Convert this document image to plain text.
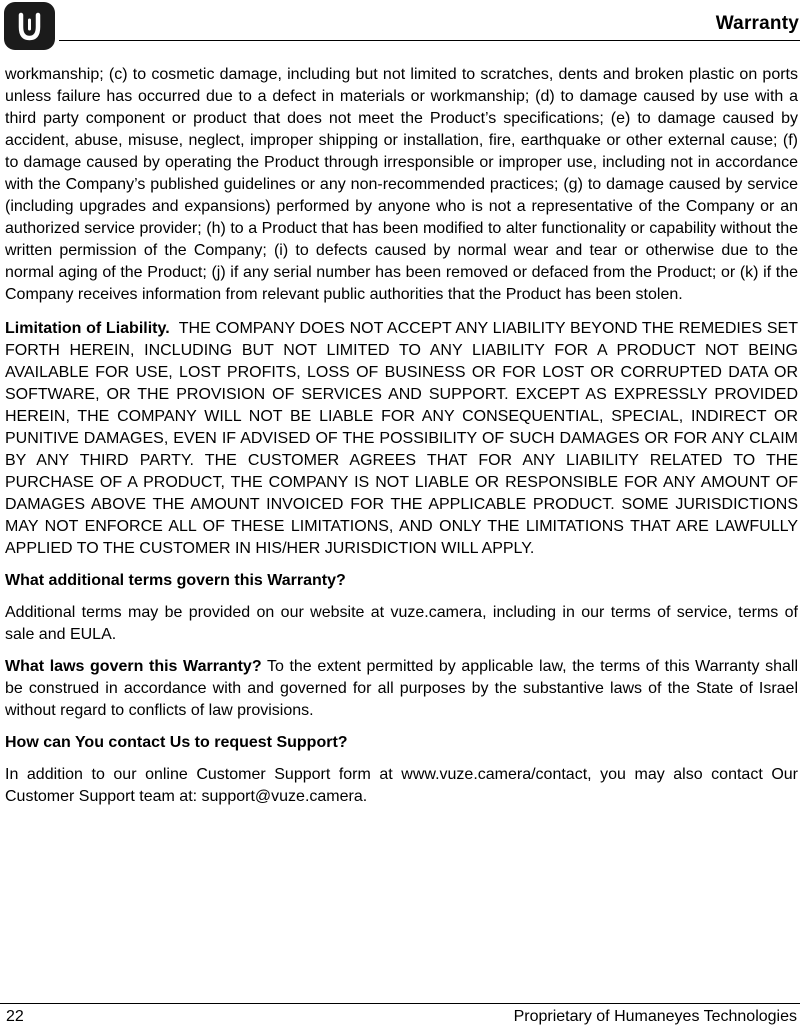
Warranty

workmanship; (c) to cosmetic damage, including but not limited to scratches, dents and broken plastic on ports unless failure has occurred due to a defect in materials or workmanship; (d) to damage caused by use with a third party component or product that does not meet the Product’s specifications; (e) to damage caused by accident, abuse, misuse, neglect, improper shipping or installation, fire, earthquake or other external cause; (f) to damage caused by operating the Product through irresponsible or improper use, including not in accordance with the Company’s published guidelines or any non-recommended practices; (g) to damage caused by service (including upgrades and expansions) performed by anyone who is not a representative of the Company or an authorized service provider; (h) to a Product that has been modified to alter functionality or capability without the written permission of the Company; (i) to defects caused by normal wear and tear or otherwise due to the normal aging of the Product; (j) if any serial number has been removed or defaced from the Product; or (k) if the Company receives information from relevant public authorities that the Product has been stolen.

Limitation of Liability. THE COMPANY DOES NOT ACCEPT ANY LIABILITY BEYOND THE REMEDIES SET FORTH HEREIN, INCLUDING BUT NOT LIMITED TO ANY LIABILITY FOR A PRODUCT NOT BEING AVAILABLE FOR USE, LOST PROFITS, LOSS OF BUSINESS OR FOR LOST OR CORRUPTED DATA OR SOFTWARE, OR THE PROVISION OF SERVICES AND SUPPORT. EXCEPT AS EXPRESSLY PROVIDED HEREIN, THE COMPANY WILL NOT BE LIABLE FOR ANY CONSEQUENTIAL, SPECIAL, INDIRECT OR PUNITIVE DAMAGES, EVEN IF ADVISED OF THE POSSIBILITY OF SUCH DAMAGES OR FOR ANY CLAIM BY ANY THIRD PARTY. THE CUSTOMER AGREES THAT FOR ANY LIABILITY RELATED TO THE PURCHASE OF A PRODUCT, THE COMPANY IS NOT LIABLE OR RESPONSIBLE FOR ANY AMOUNT OF DAMAGES ABOVE THE AMOUNT INVOICED FOR THE APPLICABLE PRODUCT. SOME JURISDICTIONS MAY NOT ENFORCE ALL OF THESE LIMITATIONS, AND ONLY THE LIMITATIONS THAT ARE LAWFULLY APPLIED TO THE CUSTOMER IN HIS/HER JURISDICTION WILL APPLY.

What additional terms govern this Warranty?

Additional terms may be provided on our website at vuze.camera, including in our terms of service, terms of sale and EULA.

What laws govern this Warranty? To the extent permitted by applicable law, the terms of this Warranty shall be construed in accordance with and governed for all purposes by the substantive laws of the State of Israel without regard to conflicts of law provisions.

How can You contact Us to request Support?

In addition to our online Customer Support form at www.vuze.camera/contact, you may also contact Our Customer Support team at: support@vuze.camera.

22	Proprietary of Humaneyes Technologies
